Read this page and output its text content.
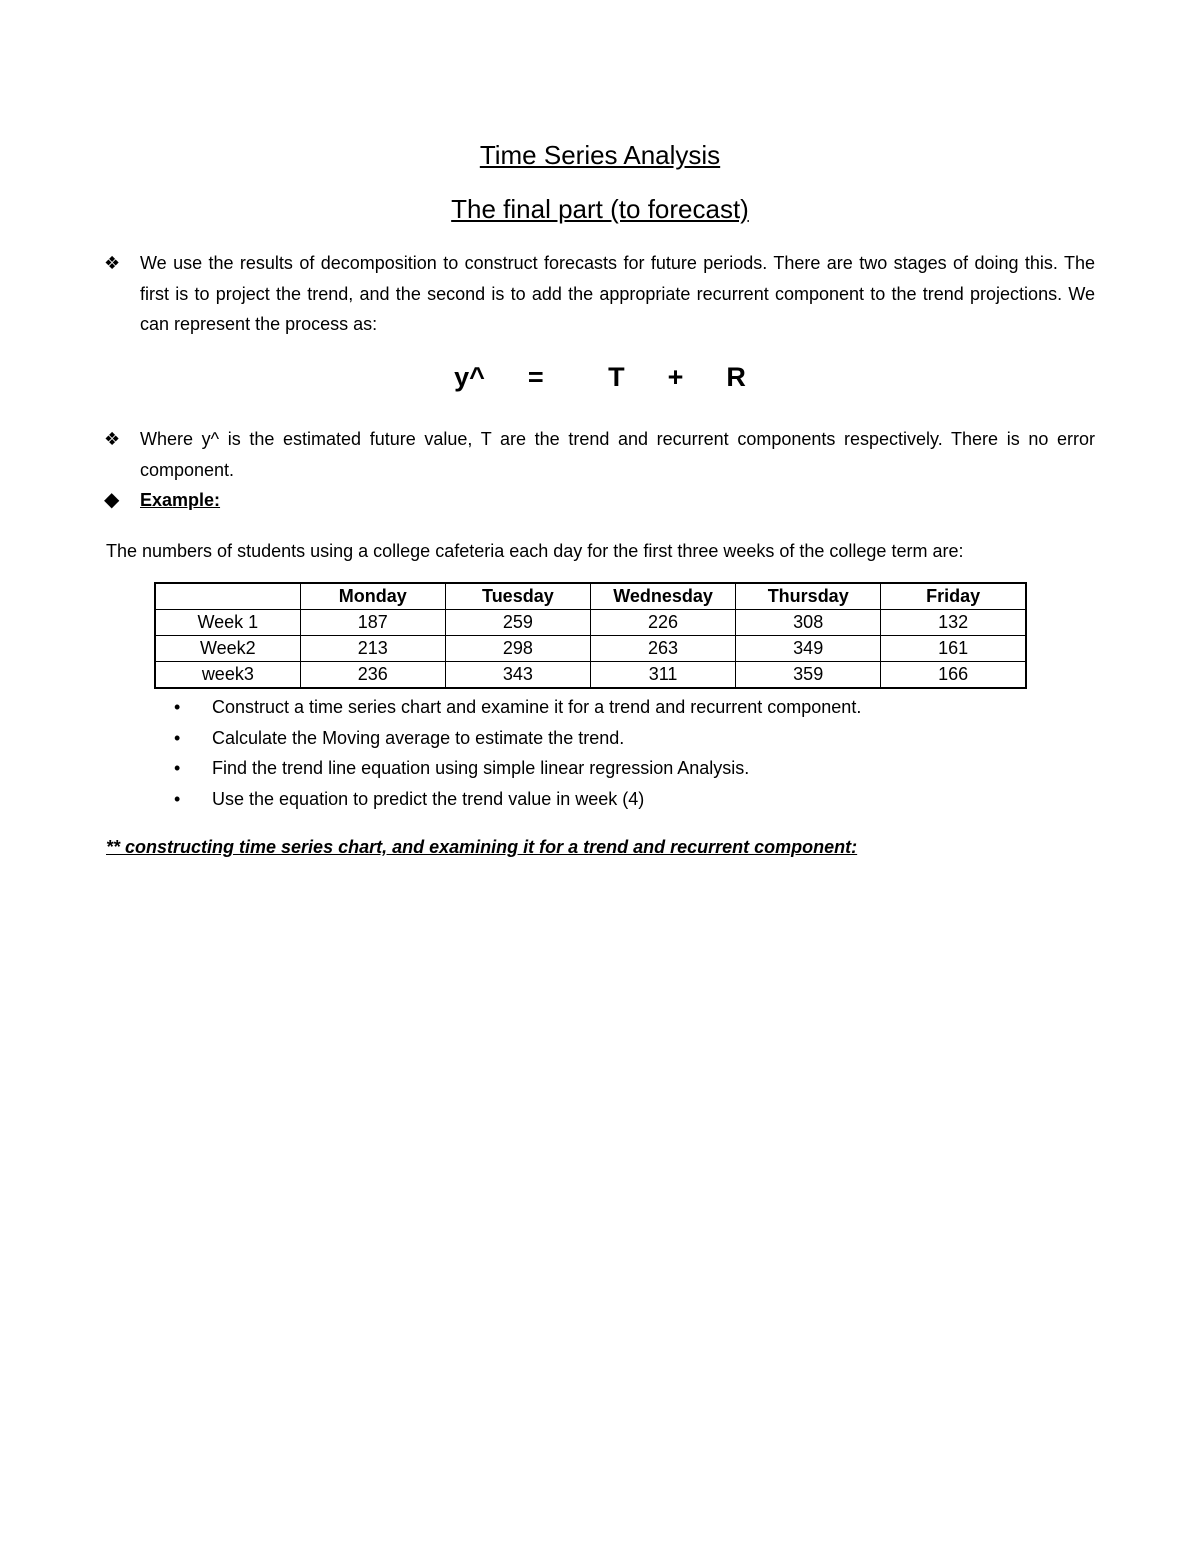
Time Series Analysis
The final part (to forecast)
❖ We use the results of decomposition to construct forecasts for future periods. There are two stages of doing this. The first is to project the trend, and the second is to add the appropriate recurrent component to the trend projections. We can represent the process as:
y^  =   T  +  R
❖ Where y^ is the estimated future value, T are the trend and recurrent components respectively. There is no error component.
◆ Example:
The numbers of students using a college cafeteria each day for the first three weeks of the college term are:
	Monday	Tuesday	Wednesday	Thursday	Friday
Week 1	187	259	226	308	132
Week2	213	298	263	349	161
week3	236	343	311	359	166
• Construct a time series chart and examine it for a trend and recurrent component.
• Calculate the Moving average to estimate the trend.
• Find the trend line equation using simple linear regression Analysis.
• Use the equation to predict the trend value in week (4)
** constructing time series chart, and examining it for a trend and recurrent component:
